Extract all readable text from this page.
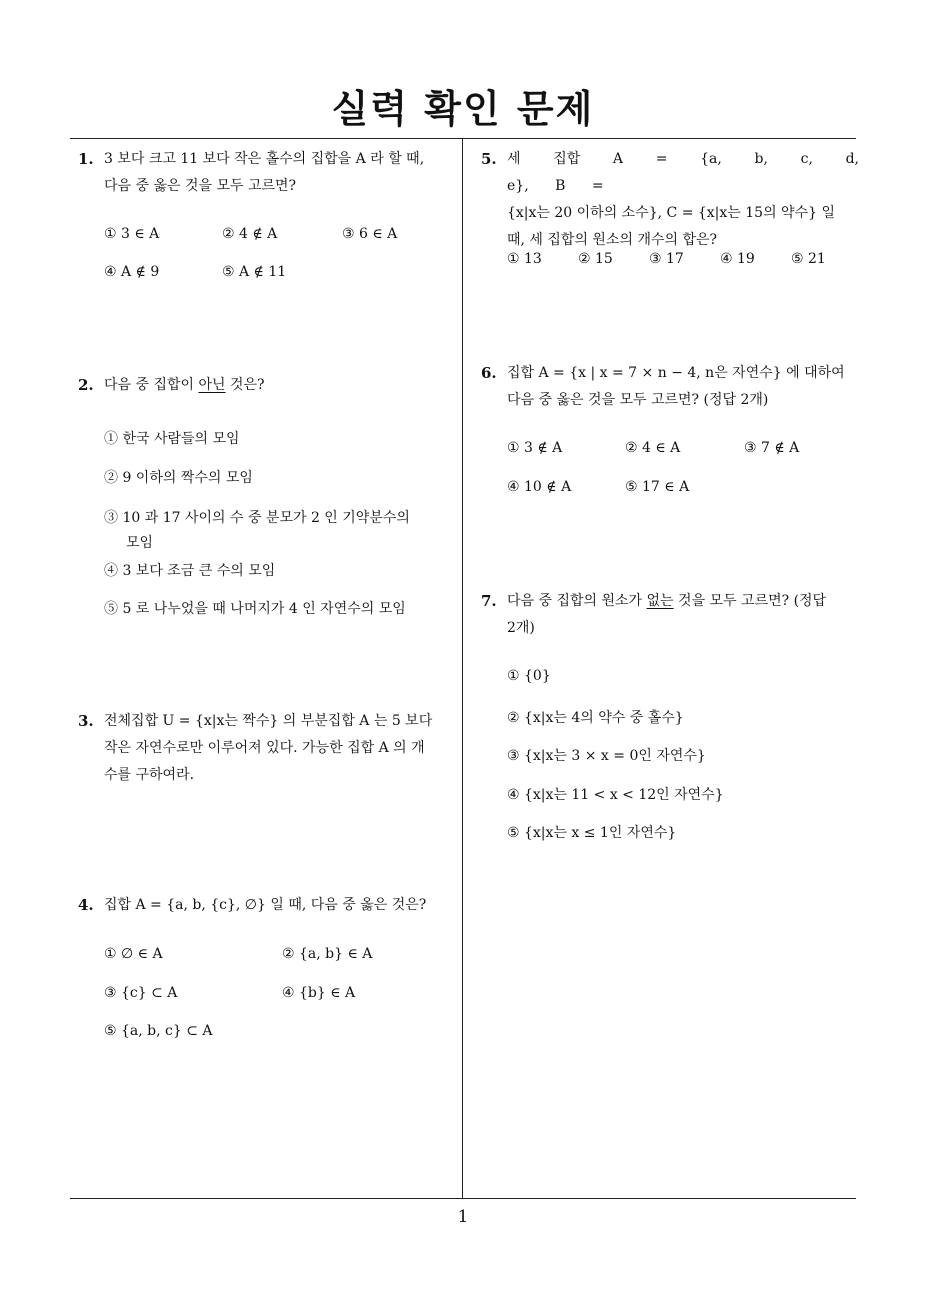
실력 확인 문제
1
1. 3 보다 크고 11 보다 작은 홀수의 집합을 A 라 할 때,
다음 중 옳은 것을 모두 고르면?
① 3 ∈ A	② 4 ∉ A	③ 6 ∈ A
④ A ∉ 9	⑤ A ∉ 11
2. 다음 중 집합이 아닌 것은?
① 한국 사람들의 모임
② 9 이하의 짝수의 모임
③ 10 과 17 사이의 수 중 분모가 2 인 기약분수의
모임
④ 3 보다 조금 큰 수의 모임
⑤ 5 로 나누었을 때 나머지가 4 인 자연수의 모임
3. 전체집합 U = {x|x는 짝수} 의 부분집합 A 는 5 보다
작은 자연수로만 이루어져 있다. 가능한 집합 A 의 개
수를 구하여라.
4. 집합 A = {a, b, {c}, ∅} 일 때, 다음 중 옳은 것은?
① ∅ ∈ A	② {a, b} ∈ A
③ {c} ⊂ A	④ {b} ∈ A
⑤ {a, b, c} ⊂ A
5. 세 집합 A = {a, b, c, d, e}, B =
{x|x는 20 이하의 소수}, C = {x|x는 15의 약수} 일
때, 세 집합의 원소의 개수의 합은?
① 13	② 15	③ 17	④ 19	⑤ 21
6. 집합 A = {x | x = 7 × n − 4, n은 자연수} 에 대하여
다음 중 옳은 것을 모두 고르면? (정답 2개)
① 3 ∉ A	② 4 ∈ A	③ 7 ∉ A
④ 10 ∉ A	⑤ 17 ∈ A
7. 다음 중 집합의 원소가 없는 것을 모두 고르면? (정답
2개)
① {0}
② {x|x는 4의 약수 중 홀수}
③ {x|x는 3 × x = 0인 자연수}
④ {x|x는 11 < x < 12인 자연수}
⑤ {x|x는 x ≤ 1인 자연수}
